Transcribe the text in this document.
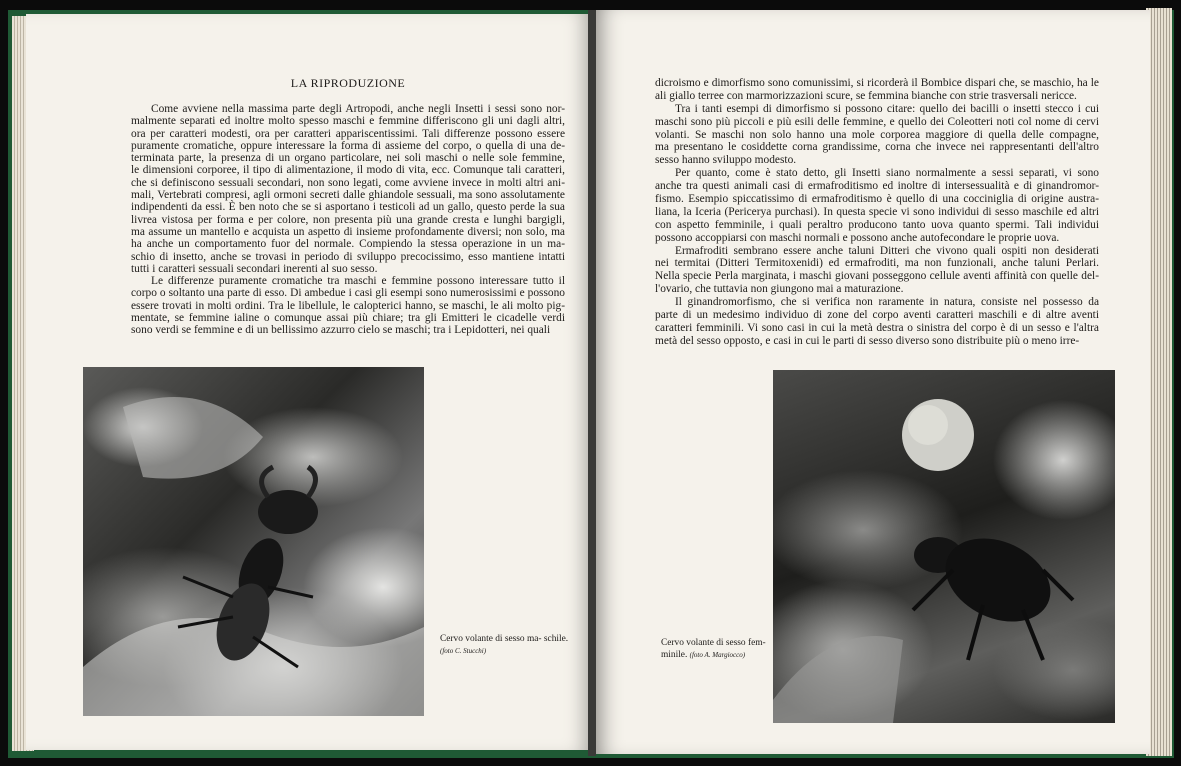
LA RIPRODUZIONE
Come avviene nella massima parte degli Artropodi, anche negli Insetti i sessi sono nor-
malmente separati ed inoltre molto spesso maschi e femmine differiscono gli uni dagli altri,
ora per caratteri modesti, ora per caratteri appariscentissimi. Tali differenze possono essere
puramente cromatiche, oppure interessare la forma di assieme del corpo, o quella di una de-
terminata parte, la presenza di un organo particolare, nei soli maschi o nelle sole femmine,
le dimensioni corporee, il tipo di alimentazione, il modo di vita, ecc. Comunque tali caratteri,
che si definiscono sessuali secondari, non sono legati, come avviene invece in molti altri ani-
mali, Vertebrati compresi, agli ormoni secreti dalle ghiandole sessuali, ma sono assolutamente
indipendenti da essi. È ben noto che se si asportano i testicoli ad un gallo, questo perde la sua
livrea vistosa per forma e per colore, non presenta più una grande cresta e lunghi bargigli,
ma assume un mantello e acquista un aspetto di insieme profondamente diversi; non solo, ma
ha anche un comportamento fuor del normale. Compiendo la stessa operazione in un ma-
schio di insetto, anche se trovasi in periodo di sviluppo precocissimo, esso mantiene intatti
tutti i caratteri sessuali secondari inerenti al suo sesso.
Le differenze puramente cromatiche tra maschi e femmine possono interessare tutto il
corpo o soltanto una parte di esso. Di ambedue i casi gli esempi sono numerosissimi e possono
essere trovati in molti ordini. Tra le libellule, le calopterici hanno, se maschi, le ali molto pig-
mentate, se femmine ialine o comunque assai più chiare; tra gli Emitteri le cicadelle verdi
sono verdi se femmine e di un bellissimo azzurro cielo se maschi; tra i Lepidotteri, nei quali
dicroismo e dimorfismo sono comunissimi, si ricorderà il Bombice dispari che, se maschio, ha le
ali giallo terree con marmorizzazioni scure, se femmina bianche con strie trasversali nericce.
Tra i tanti esempi di dimorfismo si possono citare: quello dei bacilli o insetti stecco i cui
maschi sono più piccoli e più esili delle femmine, e quello dei Coleotteri noti col nome di cervi
volanti. Se maschi non solo hanno una mole corporea maggiore di quella delle compagne,
ma presentano le cosiddette corna grandissime, corna che invece nei rappresentanti dell'altro
sesso hanno sviluppo modesto.
Per quanto, come è stato detto, gli Insetti siano normalmente a sessi separati, vi sono
anche tra questi animali casi di ermafroditismo ed inoltre di intersessualità e di ginandromor-
fismo. Esempio spiccatissimo di ermafroditismo è quello di una cocciniglia di origine austra-
liana, la Iceria (Pericerya purchasi). In questa specie vi sono individui di sesso maschile ed altri
con aspetto femminile, i quali peraltro producono tanto uova quanto spermi. Tali individui
possono accoppiarsi con maschi normali e possono anche autofecondare le proprie uova.
Ermafroditi sembrano essere anche taluni Ditteri che vivono quali ospiti non desiderati
nei termitai (Ditteri Termitoxenidi) ed ermafroditi, ma non funzionali, anche taluni Perlari.
Nella specie Perla marginata, i maschi giovani posseggono cellule aventi affinità con quelle del-
l'ovario, che tuttavia non giungono mai a maturazione.
Il ginandromorfismo, che si verifica non raramente in natura, consiste nel possesso da
parte di un medesimo individuo di zone del corpo aventi caratteri maschili e di altre aventi
caratteri femminili. Vi sono casi in cui la metà destra o sinistra del corpo è di un sesso e l'altra
metà del sesso opposto, e casi in cui le parti di sesso diverso sono distribuite più o meno irre-
Cervo volante di sesso ma- schile. (foto C. Stucchi)
Cervo volante di sesso fem- minile. (foto A. Margiocco)
